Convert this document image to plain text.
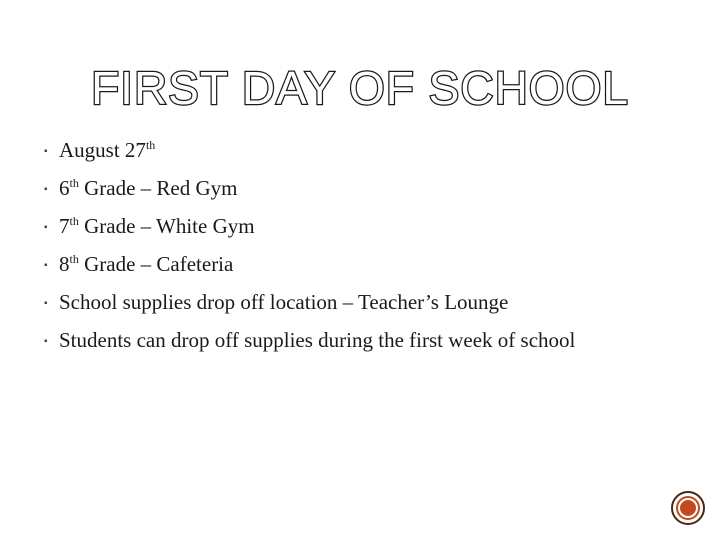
FIRST DAY OF SCHOOL
▪ August 27th
▪ 6th Grade – Red Gym
▪ 7th Grade – White Gym
▪ 8th Grade – Cafeteria
▪ School supplies drop off location – Teacher’s Lounge
▪ Students can drop off supplies during the first week of school
